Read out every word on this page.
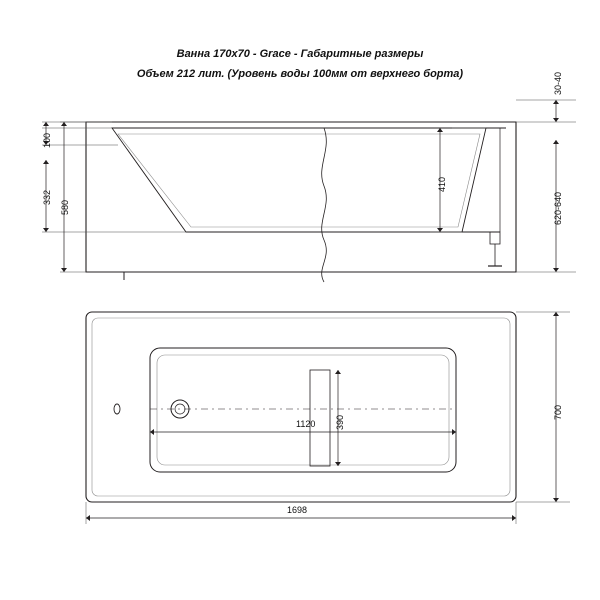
Ванна 170х70 - Grace - Габаритные размеры
Объем 212 лит. (Уровень воды 100мм от верхнего борта)
100
332
580
30-40
620-640
410
390
1120
700
1698
